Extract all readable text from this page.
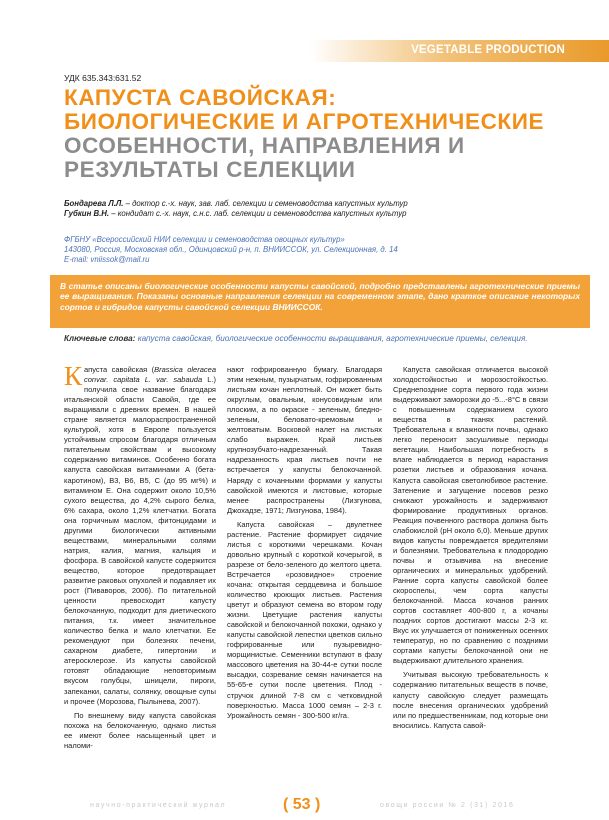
VEGETABLE PRODUCTION
УДК 635.343:631.52
КАПУСТА САВОЙСКАЯ:
БИОЛОГИЧЕСКИЕ И АГРОТЕХНИЧЕСКИЕ
ОСОБЕННОСТИ, НАПРАВЛЕНИЯ И
РЕЗУЛЬТАТЫ СЕЛЕКЦИИ
Бондарева Л.Л. – доктор с.-х. наук, зав. лаб. селекции и семеноводства капустных культур
Губкин В.Н. – кондидат с.-х. наук, с.н.с. лаб. селекции и семеноводства капустных культур
ФГБНУ «Всероссийский НИИ селекции и семеноводства овощных культур»
143080, Россия, Московская обл., Одинцовский р-н, п. ВНИИССОК, ул. Селекционная, д. 14
E-mail: vniissok@mail.ru

В статье описаны биологические особенности капусты савойской, подробно представлены агротехнические приемы ее выращивания. Показаны основные направления селекции на современном этапе, дано краткое описание некоторых сортов и гибридов капусты савойской селекции ВНИИССОК.

Ключевые слова: капуста савойская, биологические особенности выращивания, агротехнические приемы, селекция.

Капуста савойская (Brassica oleracea convar. capitata L. var. sabauda L.) получила свое название благодаря итальянской области Савойя, где ее выращивали с древних времен. В нашей стране является малораспространенной культурой, хотя в Европе пользуется устойчивым спросом благодаря отличным питательным свойствам и высокому содержанию витаминов. Особенно богата капуста савойская витаминами А (бета-каротином), В3, В6, В5, С (до 95 мг%) и витамином Е. Она содержит около 10,5% сухого вещества, до 4,2% сырого белка, 6% сахара, около 1,2% клетчатки. Богата она горчичным маслом, фитонцидами и другими биологически активными веществами, минеральными солями натрия, калия, магния, кальция и фосфора. В савойской капусте содержится вещество, которое предотвращает развитие раковых опухолей и подавляет их рост (Пиваворов, 2006). По питательной ценности превосходит капусту белокочанную, подходит для диетического питания, т.к. имеет значительное количество белка и мало клетчатки. Ее рекомендуют при болезнях печени, сахарном диабете, гипертонии и атеросклерозе. Из капусты савойской готовят обладающие неповторимым вкусом голубцы, шницели, пироги, запеканки, салаты, солянку, овощные супы и прочее (Морозова, Пылынева, 2007).

По внешнему виду капуста савойская похожа на белокочанную, однако листья ее имеют более насыщенный цвет и наломи-

нают гофрированную бумагу. Благодаря этим нежным, пузырчатым, гофрированным листьям кочан неплотный. Он может быть округлым, овальным, конусовидным или плоским, а по окраске - зеленым, бледно-зеленым, беловато-кремовым и желтоватым. Восковой налет на листьях слабо выражен. Край листьев крупнозубчато-надрезанный. Такая надрезанность края листьев почти не встречается у капусты белокочанной. Наряду с кочанными формами у капусты савойской имеются и листовые, которые менее распространены (Лизгунова, Джохадзе, 1971; Лизгунова, 1984).

Капуста савойская – двулетнее растение. Растение формирует сидячие листья с короткими черешками. Кочан довольно крупный с короткой кочерыгой, в разрезе от бело-зеленого до желтого цвета. Встречается «розовидное» строение кочана: открытая сердцевина и большое количество кроющих листьев. Растения цветут и образуют семена во втором году жизни. Цветущие растения капусты савойской и белокочанной похожи, однако у капусты савойской лепестки цветков сильно гофрированные или пузыревидно-морщинистые. Семенники вступают в фазу массового цветения на 30-44-е сутки после высадки, созревание семян начинается на 55-65-е сутки после цветения. Плод - стручок длиной 7-8 см с четковидной поверхностью. Масса 1000 семян – 2-3 г. Урожайность семян - 300-500 кг/га.

Капуста савойская отличается высокой холодостойкостью и морозостойкостью. Среднепоздние сорта первого года жизни выдерживают заморозки до -5...-8°С в связи с повышенным содержанием сухого вещества в тканях растений. Требовательна к влажности почвы, однако легко переносит засушливые периоды вегетации. Наибольшая потребность в влаге наблюдается в период нарастания розетки листьев и образования кочана. Капуста савойская светолюбивое растение. Затенение и загущение посевов резко снижают урожайность и задерживают формирование продуктивных органов. Реакция почвенного раствора должна быть слабокислой (рН около 6,0). Меньше других видов капусты повреждается вредителями и болезнями. Требовательна к плодородию почвы и отзывчива на внесение органических и минеральных удобрений. Ранние сорта капусты савойской более скороспелы, чем сорта капусты белокочанной. Масса кочанов ранних сортов составляет 400-800 г, а кочаны поздних сортов достигают массы 2-3 кг. Вкус их улучшается от пониженных осенних температур, но по сравнению с поздними сортами капусты белокочанной они не выдерживают длительного хранения.

Учитывая высокую требовательность к содержанию питательных веществ в почве, капусту савойскую следует размещать после внесения органических удобрений или по предшественникам, под которые они вносились. Капуста савой-

научно-практический журнал	( 53 )	овощи россии № 2 (31) 2016
